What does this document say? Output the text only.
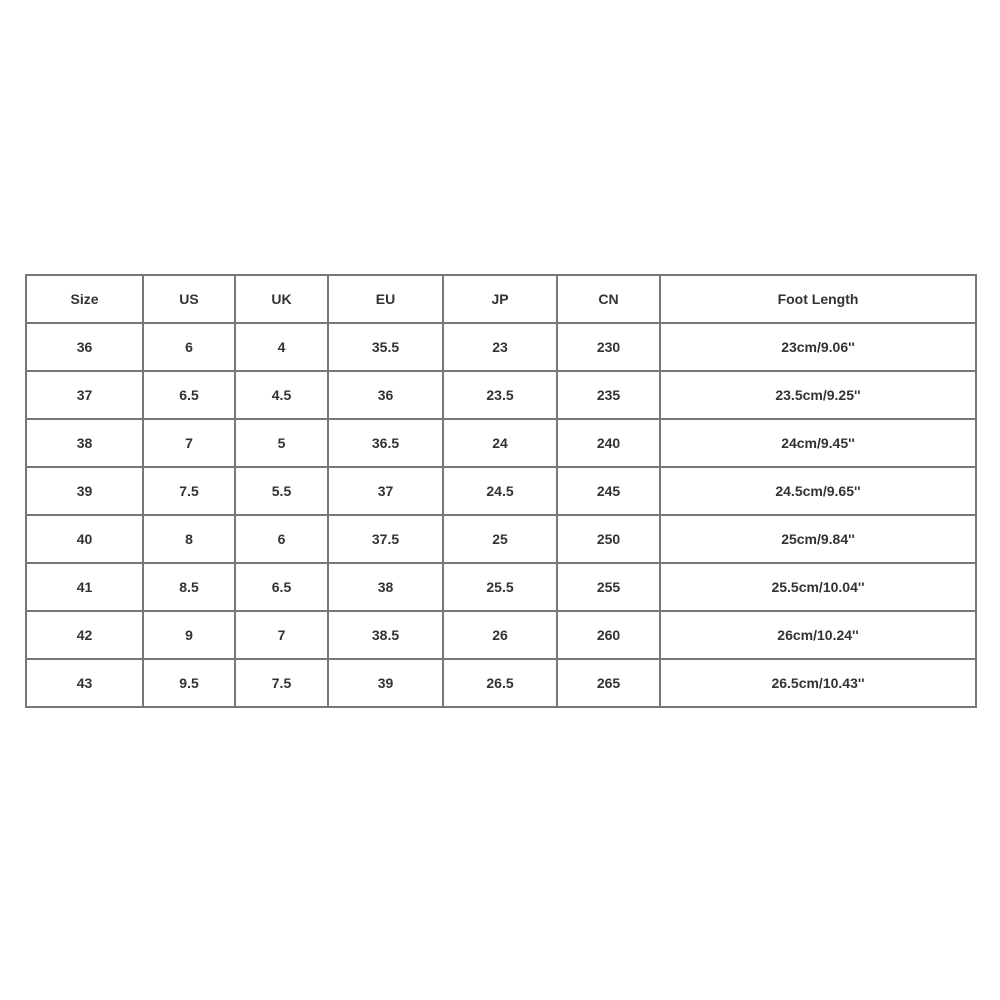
Size	US	UK	EU	JP	CN	Foot Length
36	6	4	35.5	23	230	23cm/9.06''
37	6.5	4.5	36	23.5	235	23.5cm/9.25''
38	7	5	36.5	24	240	24cm/9.45''
39	7.5	5.5	37	24.5	245	24.5cm/9.65''
40	8	6	37.5	25	250	25cm/9.84''
41	8.5	6.5	38	25.5	255	25.5cm/10.04''
42	9	7	38.5	26	260	26cm/10.24''
43	9.5	7.5	39	26.5	265	26.5cm/10.43''
